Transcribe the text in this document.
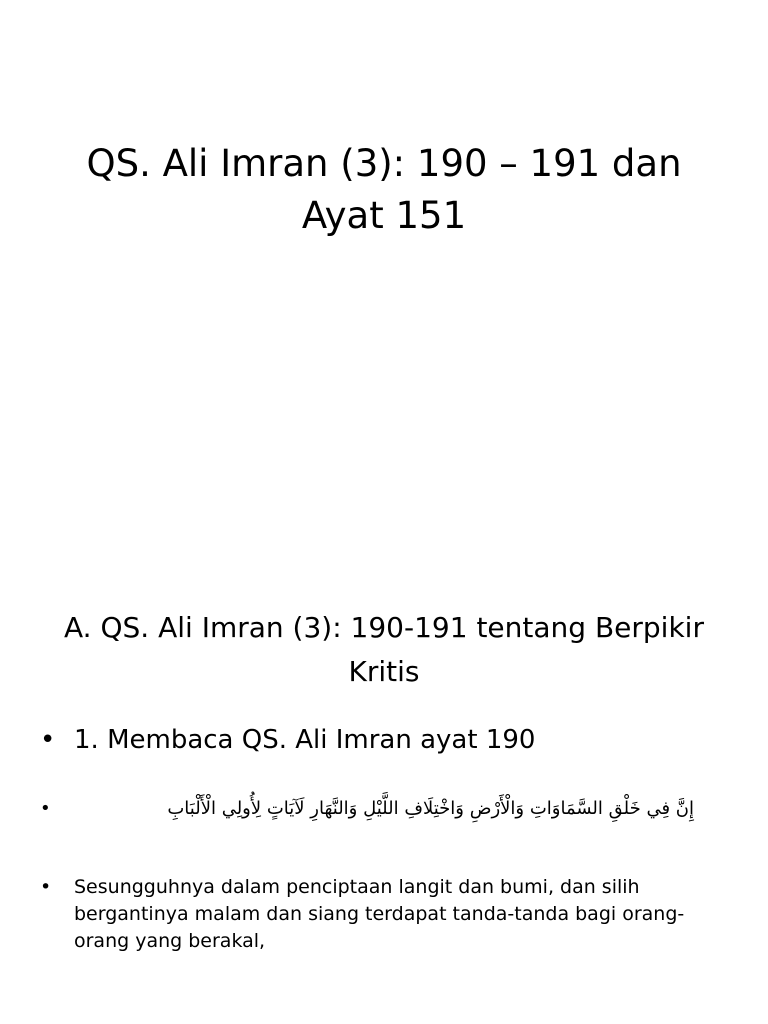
QS. Ali Imran (3): 190 – 191 dan
Ayat 151
A. QS. Ali Imran (3): 190-191 tentang Berpikir
Kritis
• 1. Membaca QS. Ali Imran ayat 190
•	إِنَّ فِي خَلْقِ السَّمَاوَاتِ وَالْأَرْضِ وَاخْتِلَافِ اللَّيْلِ وَالنَّهَارِ لَآيَاتٍ لِأُولِي الْأَلْبَابِ
•	Sesungguhnya dalam penciptaan langit dan bumi, dan silih bergantinya malam dan siang terdapat tanda-tanda bagi orang-orang yang berakal,
